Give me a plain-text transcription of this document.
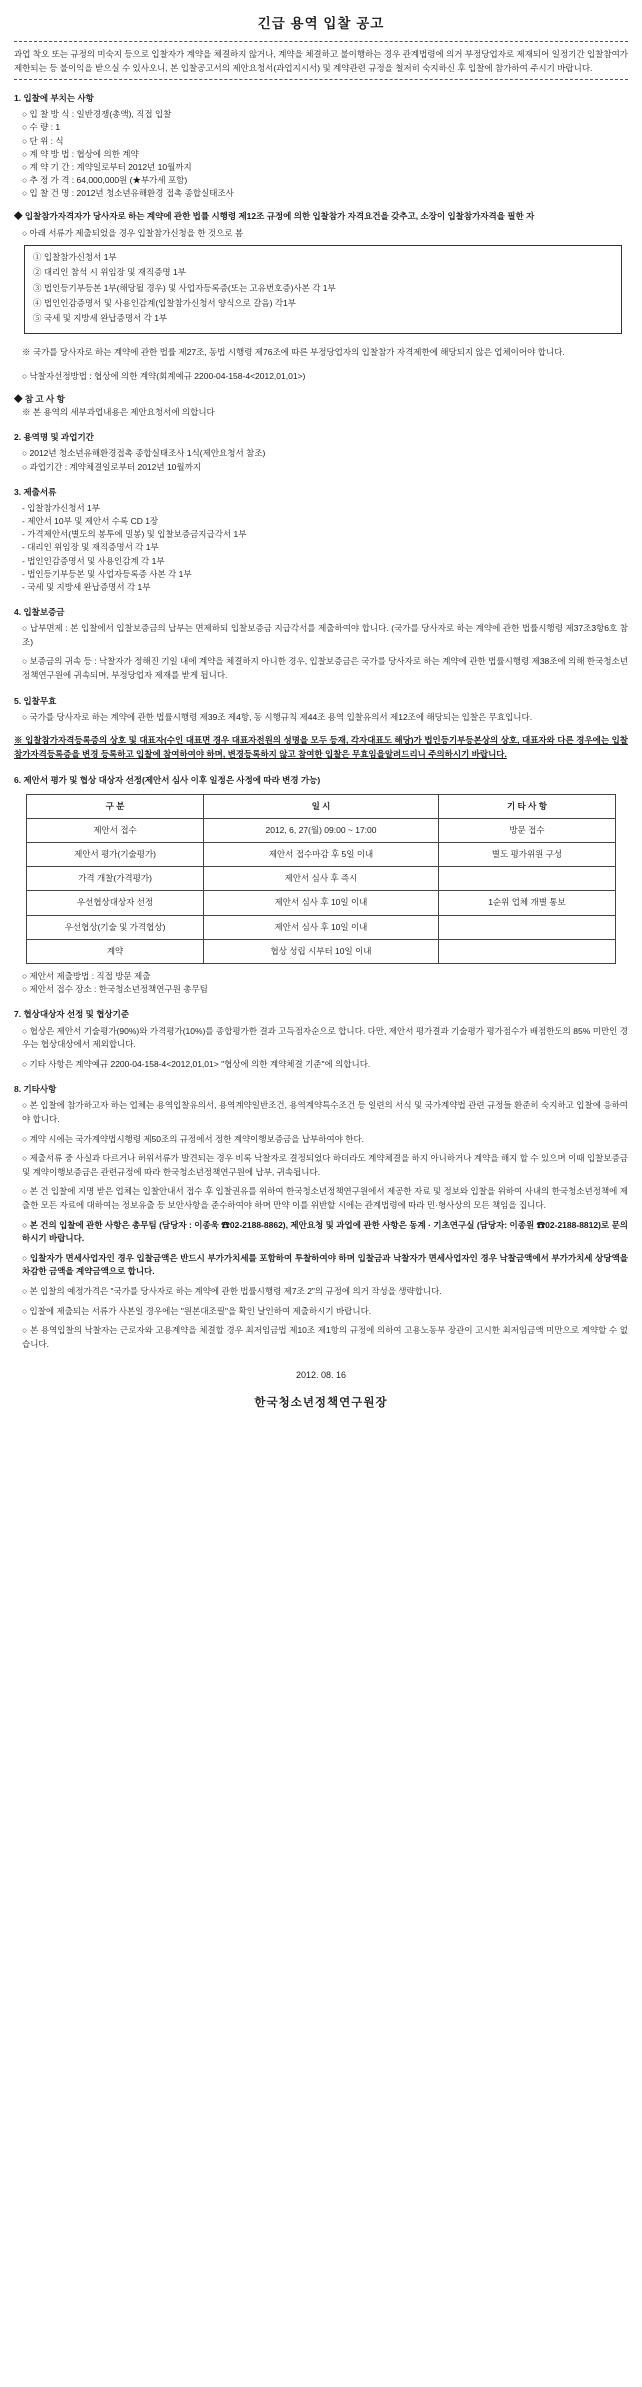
긴급 용역 입찰 공고

과업 착오 또는 규정의 미숙지 등으로 입찰자가 계약을 체결하지 않거나, 계약을 체결하고 불이행하는 경우 관계법령에 의거 부정당업자로 제재되어 일정기간 입찰참여가 제한되는 등 불이익을 받으실 수 있사오니, 본 입찰공고서의 제안요청서(과업지시서) 및 계약관련 규정을 철저히 숙지하신 후 입찰에 참가하여 주시기 바랍니다.

1. 입찰에 부치는 사항
○ 입 찰 방 식 : 일반경쟁(총액), 직접 입찰
○ 수 량 : 1
○ 단 위 : 식
○ 계 약 방 법 : 협상에 의한 계약
○ 계 약 기 간 : 계약일로부터 2012년 10월까지
○ 추 정 가 격 : 64,000,000원 (★부가세 포함)
○ 입 찰 건 명 : 2012년 청소년유해환경 접촉 종합실태조사
◆ 입찰참가자격자가 당사자로 하는 계약에 관한 법률 시행령 제12조 규정에 의한 입찰참가 자격요건을 갖추고, 소장이 입찰참가자격을 필한 자
○ 아래 서류가 제출되었을 경우 입찰참가신청을 한 것으로 봄

① 입찰참가신청서 1부

② 대리인 참석 시 위임장 및 재직증명 1부

③ 법인등기부등본 1부(해당될 경우) 및 사업자등록증(또는 고유번호증)사본 각 1부

④ 법인인감증명서 및 사용인감계(입찰참가신청서 양식으로 갈음) 각1부

⑤ 국세 및 지방세 완납증명서 각 1부

※ 국가를 당사자로 하는 계약에 관한 법률 제27조, 동법 시행령 제76조에 따른 부정당업자의 입찰참가 자격제한에 해당되지 않은 업체이어야 합니다.
○ 낙찰자선정방법 : 협상에 의한 계약(회계예규 2200-04-158-4<2012,01,01>)
◆ 참 고 사 항
※ 본 용역의 세부과업내용은 제안요청서에 의합니다
2. 용역명 및 과업기간
○ 2012년 청소년유해환경접촉 종합실태조사 1식(제안요청서 참조)
○ 과업기간 : 계약체결일로부터 2012년 10월까지
3. 제출서류
- 입찰참가신청서 1부
- 제안서 10부 및 제안서 수록 CD 1장
- 가격제안서(별도의 봉투에 밀봉) 및 입찰보증금지급각서 1부
- 대리인 위임장 및 재직증명서 각 1부
- 법인인감증명서 및 사용인감계 각 1부
- 법인등기부등본 및 사업자등록증 사본 각 1부
- 국세 및 지방세 완납증명서 각 1부
4. 입찰보증금
○ 납부면제 : 본 입찰에서 입찰보증금의 납부는 면제하되 입찰보증금 지급각서를 제출하여야 합니다. (국가를 당사자로 하는 계약에 관한 법률시행령 제37조3항6호 참조)
○ 보증금의 귀속 등 : 낙찰자가 정해진 기일 내에 계약을 체결하지 아니한 경우, 입찰보증금은 국가를 당사자로 하는 계약에 관한 법률시행령 제38조에 의해 한국청소년정책연구원에 귀속되며, 부정당업자 제재를 받게 됩니다.
5. 입찰무효
○ 국가를 당사자로 하는 계약에 관한 법률시행령 제39조 제4항, 동 시행규칙 제44조 용역 입찰유의서 제12조에 해당되는 입찰은 무효입니다.
※ 입찰참가자격등록증의 상호 및 대표자(수인 대표면 경우 대표자전원의 성명을 모두 등재, 각자대표도 해당)가 법인등기부등본상의 상호, 대표자와 다른 경우에는 입찰참가자격등록증을 변경 등록하고 입찰에 참여하여야 하며, 변경등록하지 않고 참여한 입찰은 무효임을알려드리니 주의하시기 바랍니다.
6. 제안서 평가 및 협상 대상자 선정(제안서 심사 이후 일정은 사정에 따라 변경 가능)
구 분	일 시	기 타 사 항
제안서 접수	2012, 6, 27(월) 09:00 ~ 17:00	방문 접수
제안서 평가(기술평가)	제안서 접수마감 후 5일 이내	별도 평가위원 구성
가격 개찰(가격평가)	제안서 심사 후 즉시	
우선협상대상자 선정	제안서 심사 후 10일 이내	1순위 업체 개별 통보
우선협상(기술 및 가격협상)	제안서 심사 후 10일 이내	
계약	협상 성립 시부터 10일 이내	
○ 제안서 제출방법 : 직접 방문 제출
○ 제안서 접수 장소 : 한국청소년정책연구원 총무팀
7. 협상대상자 선정 및 협상기준
○ 협상은 제안서 기술평가(90%)와 가격평가(10%)를 종합평가한 결과 고득점자순으로 합니다. 다만, 제안서 평가결과 기술평가 평가점수가 배점한도의 85% 미만인 경우는 협상대상에서 제외합니다.
○ 기타 사항은 계약예규 2200-04-158-4<2012,01,01> "협상에 의한 계약체결 기준"에 의합니다.
8. 기타사항
○ 본 입찰에 참가하고자 하는 업체는 용역입찰유의서, 용역계약일반조건, 용역계약특수조건 등 일련의 서식 및 국가계약법 관련 규정들 환준히 숙지하고 입찰에 응하여야 합니다.
○ 계약 시에는 국가계약법시행령 제50조의 규정에서 정한 계약이행보증금을 납부하여야 한다.
○ 제출서류 중 사실과 다르거나 허위서류가 발견되는 경우 비록 낙찰자로 결정되었다 하더라도 계약체결을 하지 아니하거나 계약을 해지 할 수 있으며 이때 입찰보증금 및 계약이행보증금은 관련규정에 따라 한국청소년정책연구원에 납부, 귀속됩니다.
○ 본 건 입찰에 지명 받은 업체는 입찰안내서 접수 후 입찰권유를 위하여 한국청소년정책연구원에서 제공한 자료 및 정보와 입찰을 위하여 사내의 한국청소년정책에 제출한 모든 자료에 대하여는 정보유출 등 보안사항을 준수하여야 하며 만약 이를 위반할 시에는 관계법령에 따라 민·형사상의 모든 책임을 집니다.
○ 본 건의 입찰에 관한 사항은 총무팀 (담당자 : 이종욱 ☎02-2188-8862), 제안요청 및 과업에 관한 사항은 동계 · 기초연구실 (담당자: 이종원 ☎02-2188-8812)로 문의하시기 바랍니다.
○ 입찰자가 면세사업자인 경우 입찰금액은 반드시 부가가치세를 포함하여 투찰하여야 하며 입찰금과 낙찰자가 면세사업자인 경우 낙찰금액에서 부가가치세 상당액을 차감한 금액을 계약금액으로 합니다.
○ 본 입찰의 예정가격은 "국가를 당사자로 하는 계약에 관한 법률시행령 제7조 2"의 규정에 의거 작성을 생략합니다.
○ 입찰에 제출되는 서류가 사본일 경우에는 "원본대조필"을 확인 날인하여 제출하시기 바랍니다.
○ 본 용역입찰의 낙찰자는 근로자와 고용계약을 체결할 경우 최저임금법 제10조 제1항의 규정에 의하여 고용노동부 장관이 고시한 최저임금액 미만으로 계약할 수 없습니다.
2012. 08. 16
한국청소년정책연구원장
